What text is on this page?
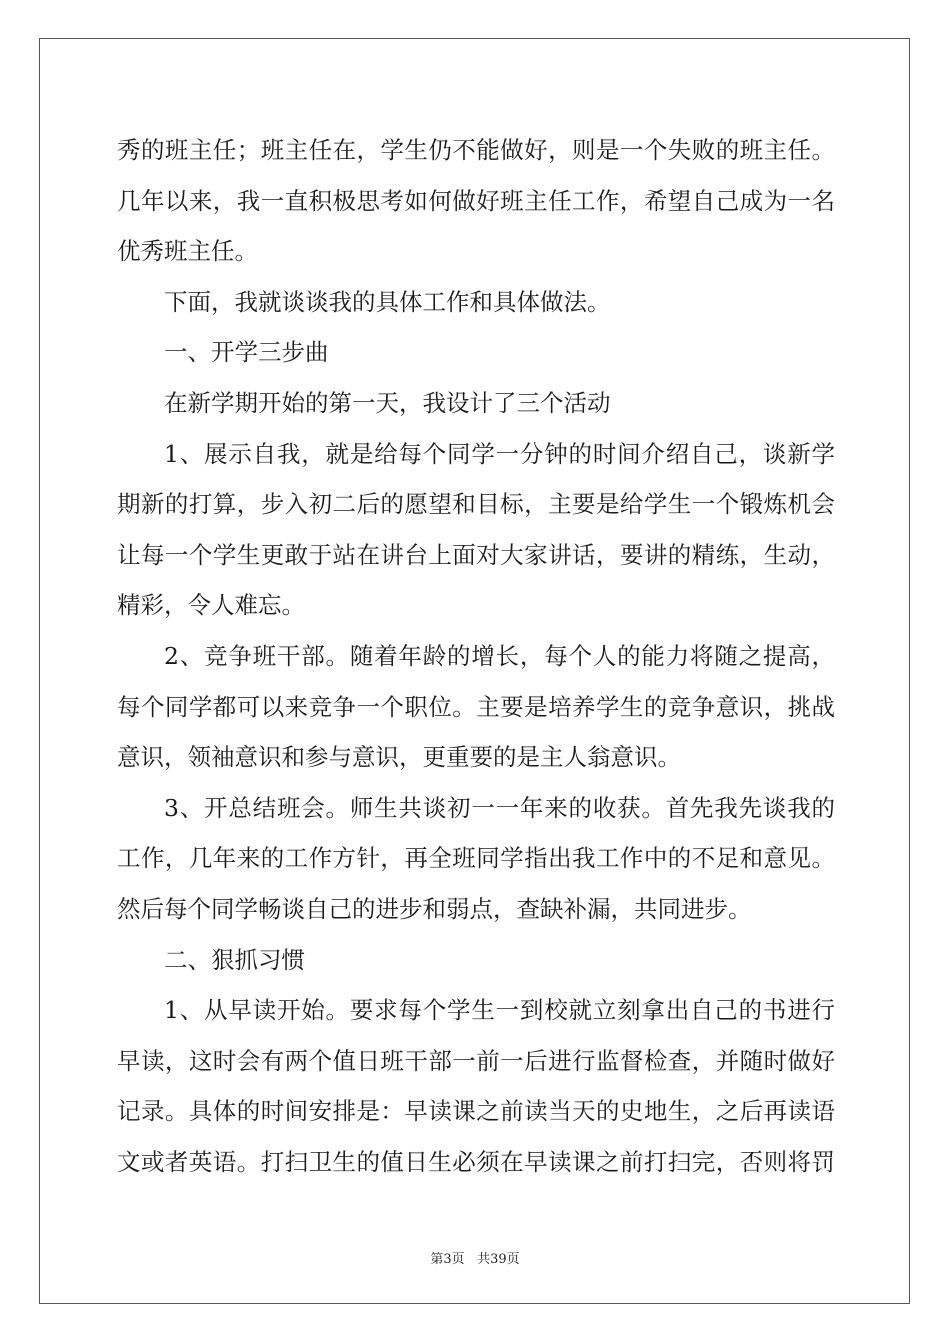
秀的班主任；班主任在，学生仍不能做好，则是一个失败的班主任。
几年以来，我一直积极思考如何做好班主任工作，希望自己成为一名
优秀班主任。
下面，我就谈谈我的具体工作和具体做法。
一、开学三步曲
在新学期开始的第一天，我设计了三个活动
1、展示自我，就是给每个同学一分钟的时间介绍自己，谈新学
期新的打算，步入初二后的愿望和目标，主要是给学生一个锻炼机会
让每一个学生更敢于站在讲台上面对大家讲话，要讲的精练，生动，
精彩，令人难忘。
2、竞争班干部。随着年龄的增长，每个人的能力将随之提高，
每个同学都可以来竞争一个职位。主要是培养学生的竞争意识，挑战
意识，领袖意识和参与意识，更重要的是主人翁意识。
3、开总结班会。师生共谈初一一年来的收获。首先我先谈我的
工作，几年来的工作方针，再全班同学指出我工作中的不足和意见。
然后每个同学畅谈自己的进步和弱点，查缺补漏，共同进步。
二、狠抓习惯
1、从早读开始。要求每个学生一到校就立刻拿出自己的书进行
早读，这时会有两个值日班干部一前一后进行监督检查，并随时做好
记录。具体的时间安排是：早读课之前读当天的史地生，之后再读语
文或者英语。打扫卫生的值日生必须在早读课之前打扫完，否则将罚
第3页 共39页
